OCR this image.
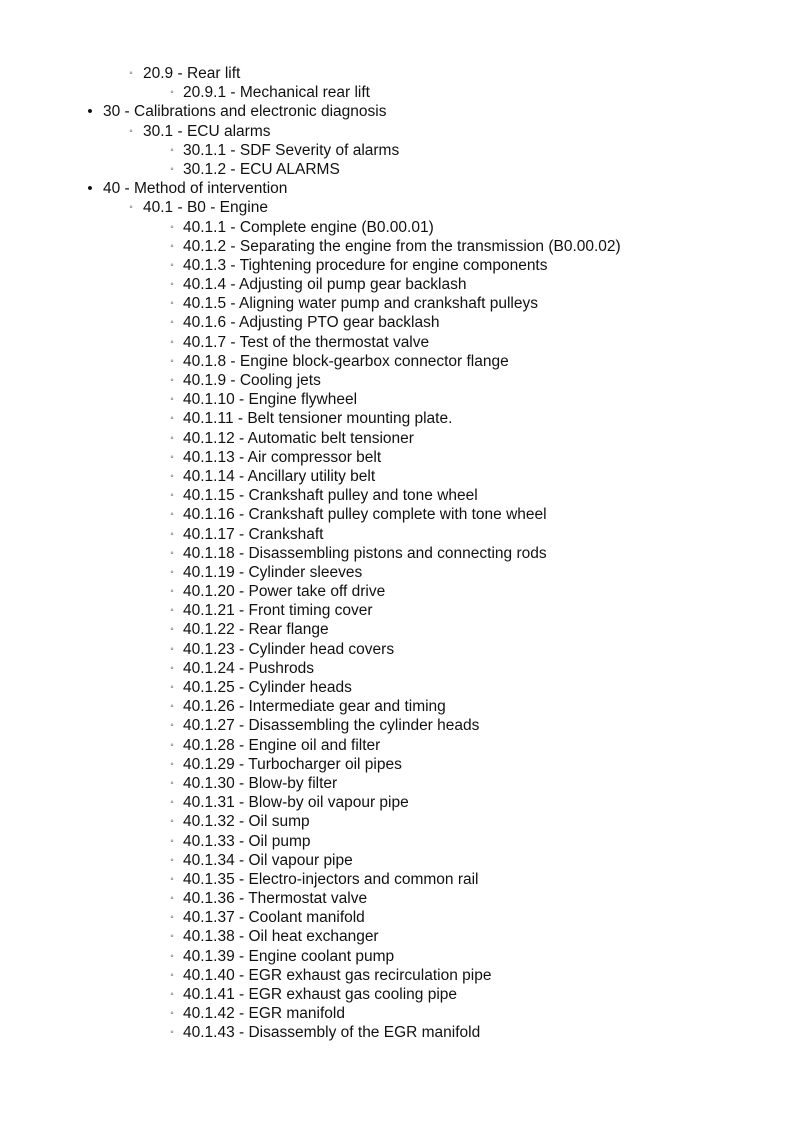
◦ 20.9 - Rear lift
◦ 20.9.1 - Mechanical rear lift
• 30 - Calibrations and electronic diagnosis
◦ 30.1 - ECU alarms
◦ 30.1.1 - SDF Severity of alarms
◦ 30.1.2 - ECU ALARMS
• 40 - Method of intervention
◦ 40.1 - B0 - Engine
◦ 40.1.1 - Complete engine (B0.00.01)
◦ 40.1.2 - Separating the engine from the transmission (B0.00.02)
◦ 40.1.3 - Tightening procedure for engine components
◦ 40.1.4 - Adjusting oil pump gear backlash
◦ 40.1.5 - Aligning water pump and crankshaft pulleys
◦ 40.1.6 - Adjusting PTO gear backlash
◦ 40.1.7 - Test of the thermostat valve
◦ 40.1.8 - Engine block-gearbox connector flange
◦ 40.1.9 - Cooling jets
◦ 40.1.10 - Engine flywheel
◦ 40.1.11 - Belt tensioner mounting plate.
◦ 40.1.12 - Automatic belt tensioner
◦ 40.1.13 - Air compressor belt
◦ 40.1.14 - Ancillary utility belt
◦ 40.1.15 - Crankshaft pulley and tone wheel
◦ 40.1.16 - Crankshaft pulley complete with tone wheel
◦ 40.1.17 - Crankshaft
◦ 40.1.18 - Disassembling pistons and connecting rods
◦ 40.1.19 - Cylinder sleeves
◦ 40.1.20 - Power take off drive
◦ 40.1.21 - Front timing cover
◦ 40.1.22 - Rear flange
◦ 40.1.23 - Cylinder head covers
◦ 40.1.24 - Pushrods
◦ 40.1.25 - Cylinder heads
◦ 40.1.26 - Intermediate gear and timing
◦ 40.1.27 - Disassembling the cylinder heads
◦ 40.1.28 - Engine oil and filter
◦ 40.1.29 - Turbocharger oil pipes
◦ 40.1.30 - Blow-by filter
◦ 40.1.31 - Blow-by oil vapour pipe
◦ 40.1.32 - Oil sump
◦ 40.1.33 - Oil pump
◦ 40.1.34 - Oil vapour pipe
◦ 40.1.35 - Electro-injectors and common rail
◦ 40.1.36 - Thermostat valve
◦ 40.1.37 - Coolant manifold
◦ 40.1.38 - Oil heat exchanger
◦ 40.1.39 - Engine coolant pump
◦ 40.1.40 - EGR exhaust gas recirculation pipe
◦ 40.1.41 - EGR exhaust gas cooling pipe
◦ 40.1.42 - EGR manifold
◦ 40.1.43 - Disassembly of the EGR manifold
